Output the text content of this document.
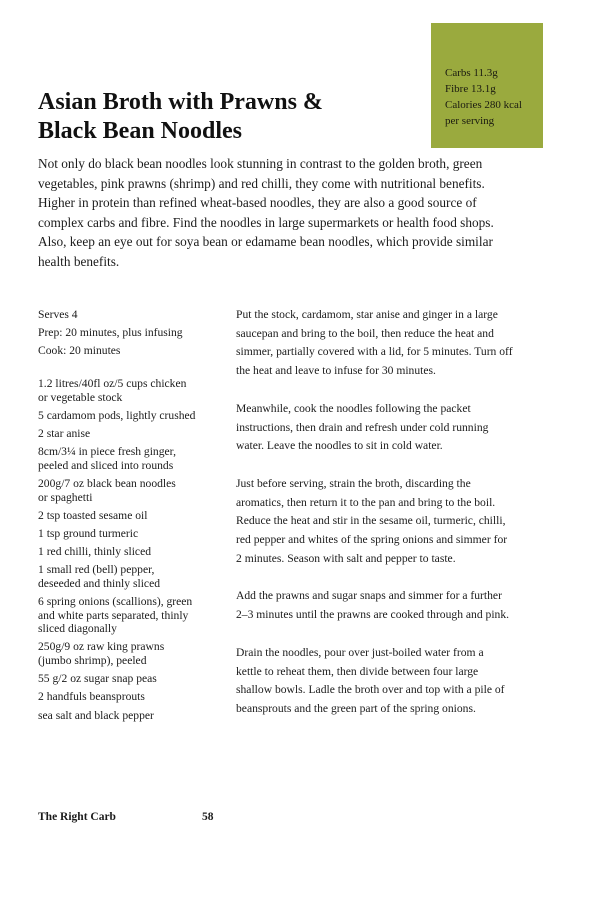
Carbs 11.3g
Fibre 13.1g
Calories 280 kcal
per serving
Asian Broth with Prawns &
Black Bean Noodles
Not only do black bean noodles look stunning in contrast to the golden broth, green
vegetables, pink prawns (shrimp) and red chilli, they come with nutritional benefits.
Higher in protein than refined wheat-based noodles, they are also a good source of
complex carbs and fibre. Find the noodles in large supermarkets or health food shops.
Also, keep an eye out for soya bean or edamame bean noodles, which provide similar
health benefits.
Serves 4
Prep: 20 minutes, plus infusing
Cook: 20 minutes
1.2 litres/40fl oz/5 cups chicken
or vegetable stock
5 cardamom pods, lightly crushed
2 star anise
8cm/3¼ in piece fresh ginger,
peeled and sliced into rounds
200g/7 oz black bean noodles
or spaghetti
2 tsp toasted sesame oil
1 tsp ground turmeric
1 red chilli, thinly sliced
1 small red (bell) pepper,
deseeded and thinly sliced
6 spring onions (scallions), green
and white parts separated, thinly
sliced diagonally
250g/9 oz raw king prawns
(jumbo shrimp), peeled
55 g/2 oz sugar snap peas
2 handfuls beansprouts
sea salt and black pepper

Put the stock, cardamom, star anise and ginger in a large
saucepan and bring to the boil, then reduce the heat and
simmer, partially covered with a lid, for 5 minutes. Turn off
the heat and leave to infuse for 30 minutes.

Meanwhile, cook the noodles following the packet
instructions, then drain and refresh under cold running
water. Leave the noodles to sit in cold water.

Just before serving, strain the broth, discarding the
aromatics, then return it to the pan and bring to the boil.
Reduce the heat and stir in the sesame oil, turmeric, chilli,
red pepper and whites of the spring onions and simmer for
2 minutes. Season with salt and pepper to taste.

Add the prawns and sugar snaps and simmer for a further
2–3 minutes until the prawns are cooked through and pink.

Drain the noodles, pour over just-boiled water from a
kettle to reheat them, then divide between four large
shallow bowls. Ladle the broth over and top with a pile of
beansprouts and the green part of the spring onions.

The Right Carb	58
